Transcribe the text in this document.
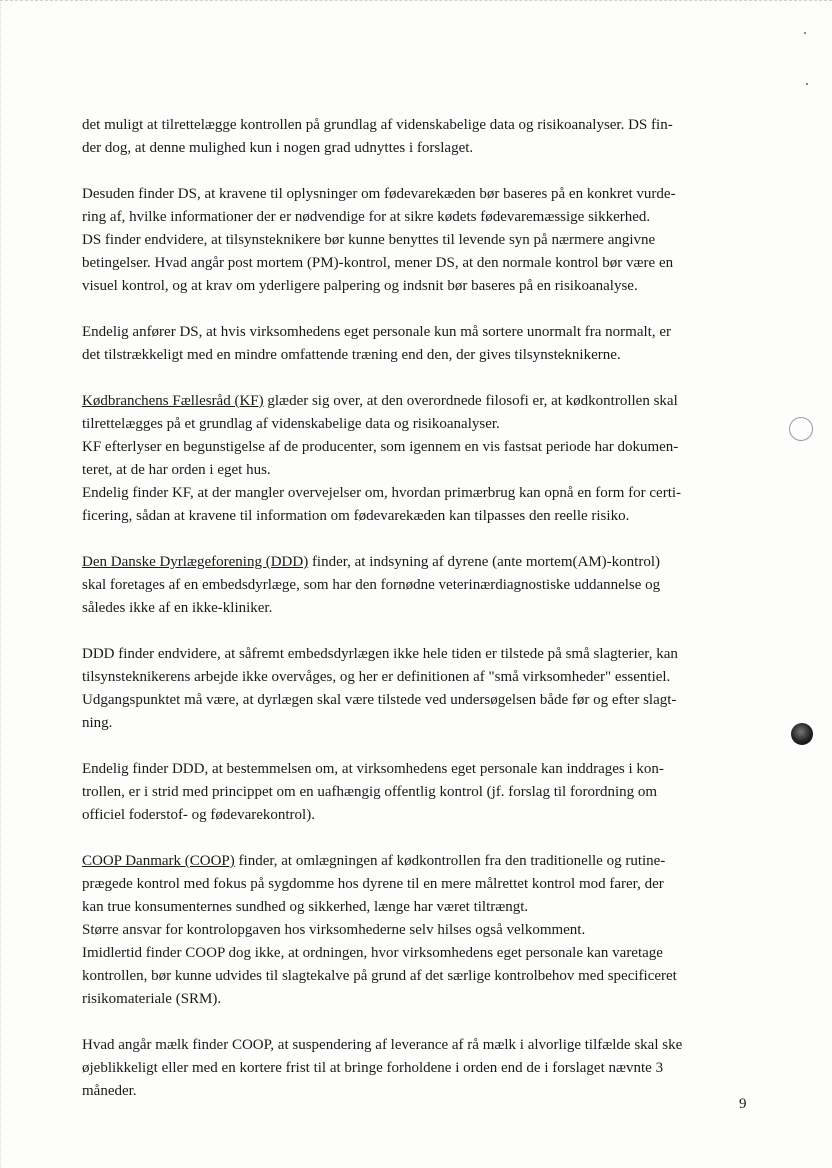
det muligt at tilrettelægge kontrollen på grundlag af videnskabelige data og risikoanalyser. DS fin-
der dog, at denne mulighed kun i nogen grad udnyttes i forslaget.
Desuden finder DS, at kravene til oplysninger om fødevarekæden bør baseres på en konkret vurde-
ring af, hvilke informationer der er nødvendige for at sikre kødets fødevaremæssige sikkerhed.
DS finder endvidere, at tilsynsteknikere bør kunne benyttes til levende syn på nærmere angivne
betingelser. Hvad angår post mortem (PM)-kontrol, mener DS, at den normale kontrol bør være en
visuel kontrol, og at krav om yderligere palpering og indsnit bør baseres på en risikoanalyse.
Endelig anfører DS, at hvis virksomhedens eget personale kun må sortere unormalt fra normalt, er
det tilstrækkeligt med en mindre omfattende træning end den, der gives tilsynsteknikerne.
Kødbranchens Fællesråd (KF) glæder sig over, at den overordnede filosofi er, at kødkontrollen skal
tilrettelægges på et grundlag af videnskabelige data og risikoanalyser.
KF efterlyser en begunstigelse af de producenter, som igennem en vis fastsat periode har dokumen-
teret, at de har orden i eget hus.
Endelig finder KF, at der mangler overvejelser om, hvordan primærbrug kan opnå en form for certi-
ficering, sådan at kravene til information om fødevarekæden kan tilpasses den reelle risiko.
Den Danske Dyrlægeforening (DDD) finder, at indsyning af dyrene (ante mortem(AM)-kontrol)
skal foretages af en embedsdyrlæge, som har den fornødne veterinærdiagnostiske uddannelse og
således ikke af en ikke-kliniker.
DDD finder endvidere, at såfremt embedsdyrlægen ikke hele tiden er tilstede på små slagterier, kan
tilsynsteknikerens arbejde ikke overvåges, og her er definitionen af "små virksomheder" essentiel.
Udgangspunktet må være, at dyrlægen skal være tilstede ved undersøgelsen både før og efter slagt-
ning.
Endelig finder DDD, at bestemmelsen om, at virksomhedens eget personale kan inddrages i kon-
trollen, er i strid med princippet om en uafhængig offentlig kontrol (jf. forslag til forordning om
officiel foderstof- og fødevarekontrol).
COOP Danmark (COOP) finder, at omlægningen af kødkontrollen fra den traditionelle og rutine-
prægede kontrol med fokus på sygdomme hos dyrene til en mere målrettet kontrol mod farer, der
kan true konsumenternes sundhed og sikkerhed, længe har været tiltrængt.
Større ansvar for kontrolopgaven hos virksomhederne selv hilses også velkomment.
Imidlertid finder COOP dog ikke, at ordningen, hvor virksomhedens eget personale kan varetage
kontrollen, bør kunne udvides til slagtekalve på grund af det særlige kontrolbehov med specificeret
risikomateriale (SRM).
Hvad angår mælk finder COOP, at suspendering af leverance af rå mælk i alvorlige tilfælde skal ske
øjeblikkeligt eller med en kortere frist til at bringe forholdene i orden end de i forslaget nævnte 3
måneder.
9
